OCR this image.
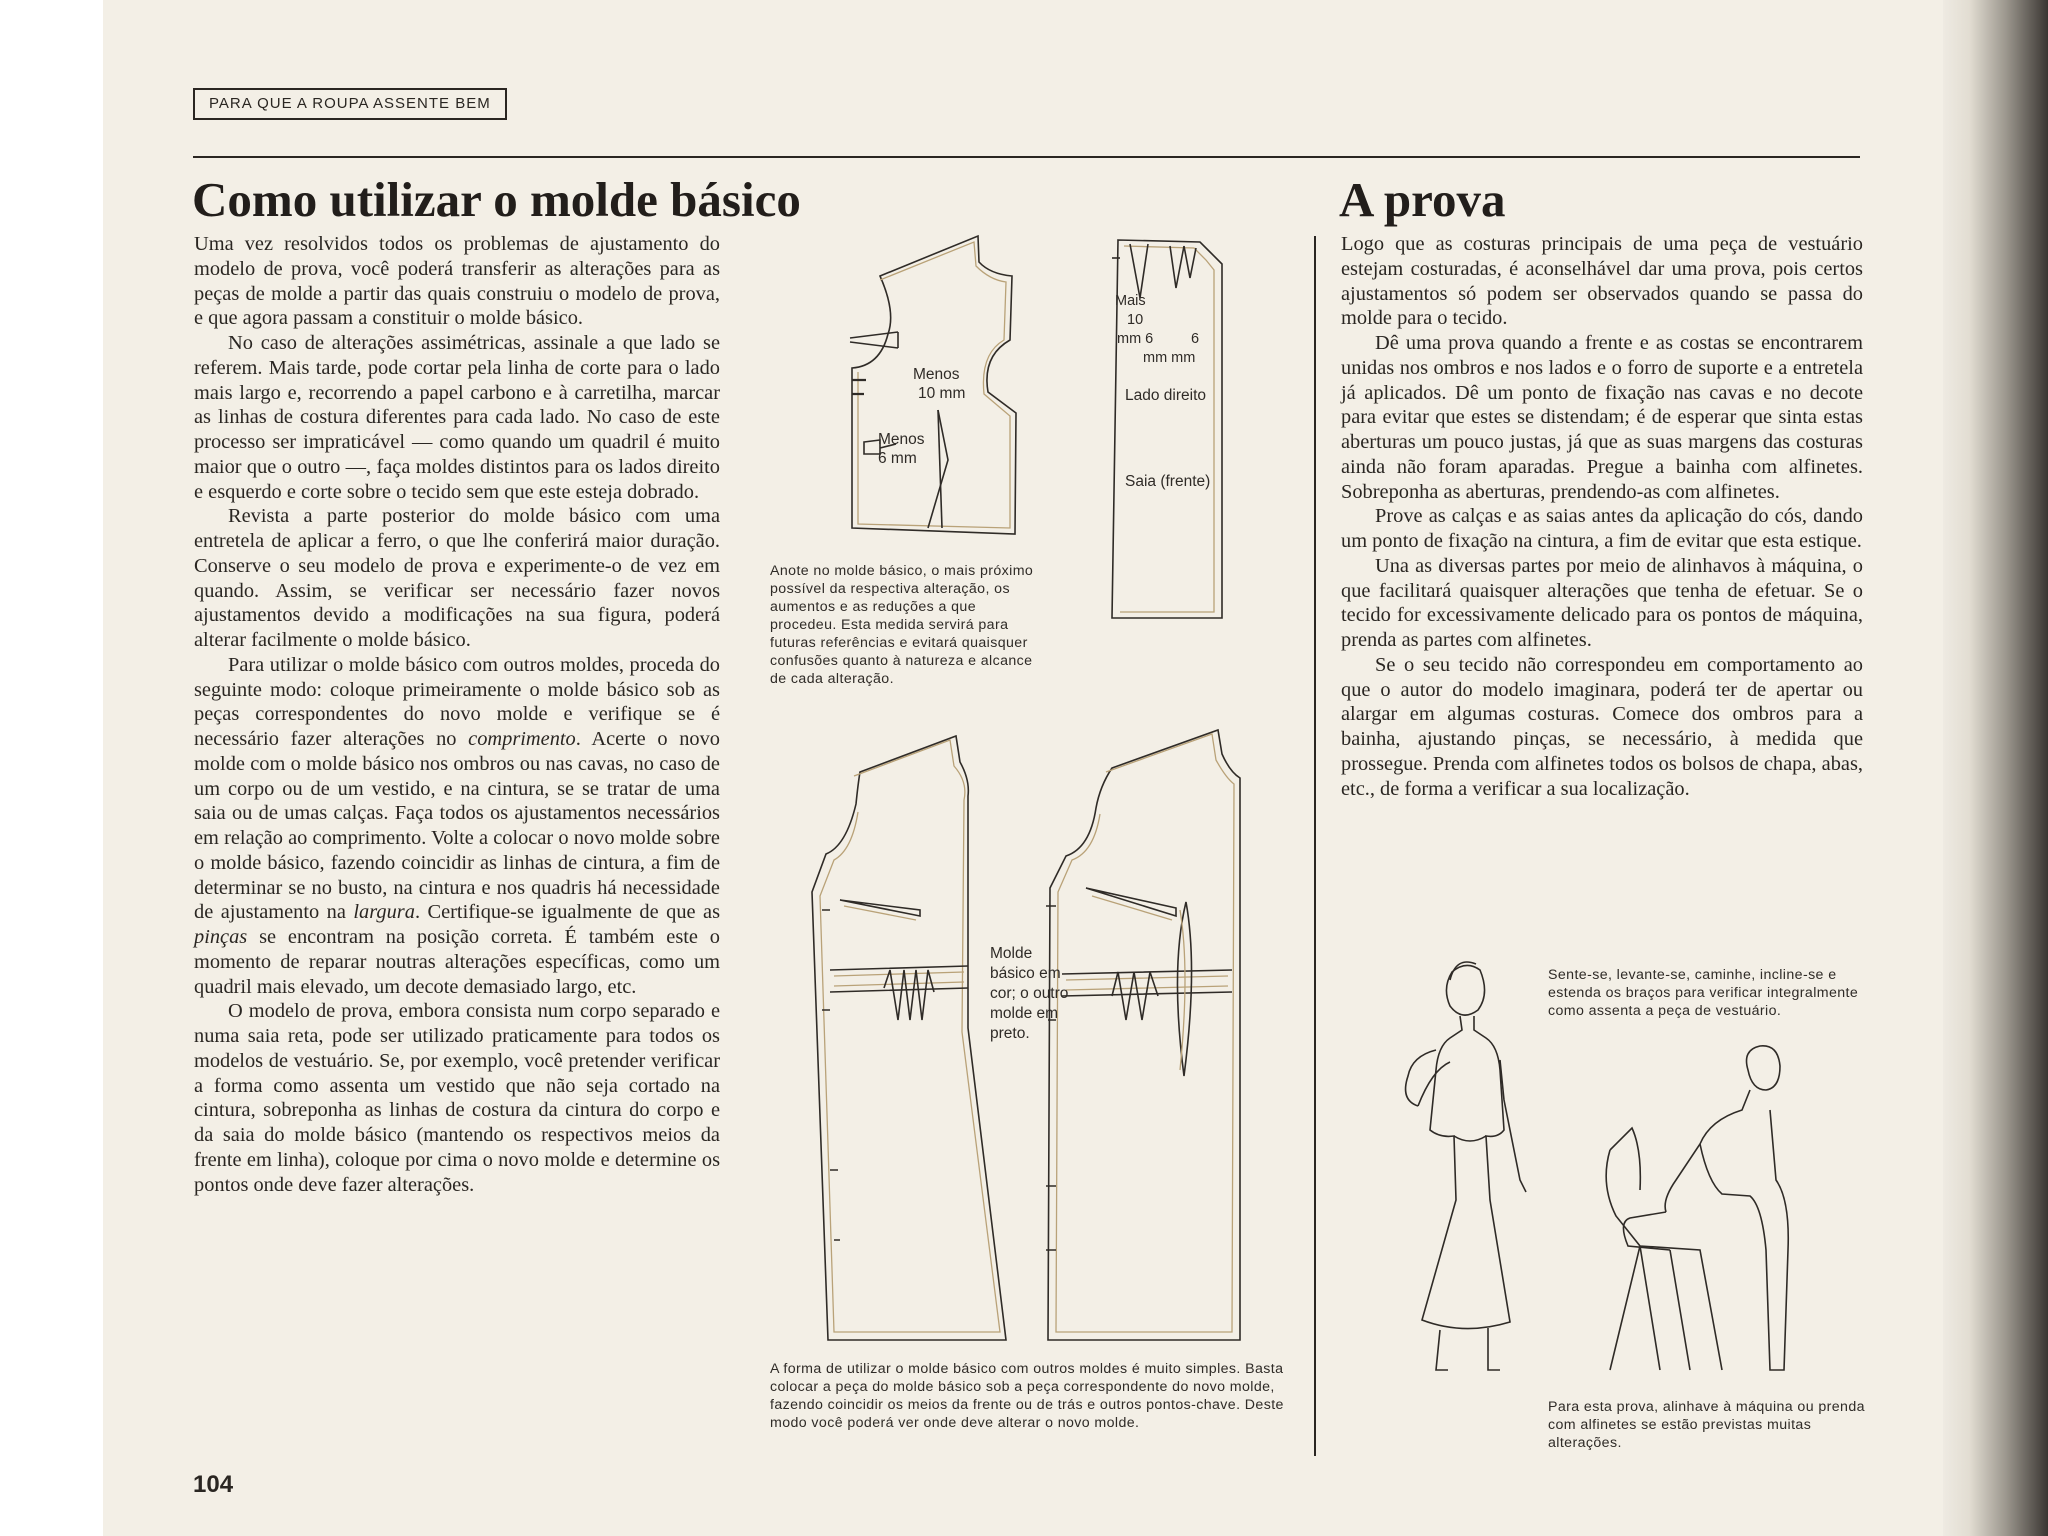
PARA QUE A ROUPA ASSENTE BEM
Como utilizar o molde básico	A prova

Uma vez resolvidos todos os problemas de ajustamento do modelo de prova, você poderá transferir as alterações para as peças de molde a partir das quais construiu o modelo de prova, e que agora passam a constituir o molde básico.

No caso de alterações assimétricas, assinale a que lado se referem. Mais tarde, pode cortar pela linha de corte para o lado mais largo e, recorrendo a papel carbono e à carretilha, marcar as linhas de costura diferentes para cada lado. No caso de este processo ser impraticável — como quando um quadril é muito maior que o outro —, faça moldes distintos para os lados direito e esquerdo e corte sobre o tecido sem que este esteja dobrado.

Revista a parte posterior do molde básico com uma entretela de aplicar a ferro, o que lhe conferirá maior duração. Conserve o seu modelo de prova e experimente-o de vez em quando. Assim, se verificar ser necessário fazer novos ajustamentos devido a modificações na sua figura, poderá alterar facilmente o molde básico.

Para utilizar o molde básico com outros moldes, proceda do seguinte modo: coloque primeiramente o molde básico sob as peças correspondentes do novo molde e verifique se é necessário fazer alterações no comprimento. Acerte o novo molde com o molde básico nos ombros ou nas cavas, no caso de um corpo ou de um vestido, e na cintura, se se tratar de uma saia ou de umas calças. Faça todos os ajustamentos necessários em relação ao comprimento. Volte a colocar o novo molde sobre o molde básico, fazendo coincidir as linhas de cintura, a fim de determinar se no busto, na cintura e nos quadris há necessidade de ajustamento na largura. Certifique-se igualmente de que as pinças se encontram na posição correta. É também este o momento de reparar noutras alterações específicas, como um quadril mais elevado, um decote demasiado largo, etc.

O modelo de prova, embora consista num corpo separado e numa saia reta, pode ser utilizado praticamente para todos os modelos de vestuário. Se, por exemplo, você pretender verificar a forma como assenta um vestido que não seja cortado na cintura, sobreponha as linhas de costura da cintura do corpo e da saia do molde básico (mantendo os respectivos meios da frente em linha), coloque por cima o novo molde e determine os pontos onde deve fazer alterações.

Menos
10 mm
Menos
6 mm
Mais
10
mm 6	6
mm mm
Lado direito
Saia (frente)
Anote no molde básico, o mais próximo possível da respectiva alteração, os aumentos e as reduções a que procedeu. Esta medida servirá para futuras referências e evitará quaisquer confusões quanto à natureza e alcance de cada alteração.
Molde básico em cor; o outro molde em preto.
A forma de utilizar o molde básico com outros moldes é muito simples. Basta colocar a peça do molde básico sob a peça correspondente do novo molde, fazendo coincidir os meios da frente ou de trás e outros pontos-chave. Deste modo você poderá ver onde deve alterar o novo molde.

Logo que as costuras principais de uma peça de vestuário estejam costuradas, é aconselhável dar uma prova, pois certos ajustamentos só podem ser observados quando se passa do molde para o tecido.

Dê uma prova quando a frente e as costas se encontrarem unidas nos ombros e nos lados e o forro de suporte e a entretela já aplicados. Dê um ponto de fixação nas cavas e no decote para evitar que estes se distendam; é de esperar que sinta estas aberturas um pouco justas, já que as suas margens das costuras ainda não foram aparadas. Pregue a bainha com alfinetes. Sobreponha as aberturas, prendendo-as com alfinetes.

Prove as calças e as saias antes da aplicação do cós, dando um ponto de fixação na cintura, a fim de evitar que esta estique.

Una as diversas partes por meio de alinhavos à máquina, o que facilitará quaisquer alterações que tenha de efetuar. Se o tecido for excessivamente delicado para os pontos de máquina, prenda as partes com alfinetes.

Se o seu tecido não correspondeu em comportamento ao que o autor do modelo imaginara, poderá ter de apertar ou alargar em algumas costuras. Comece dos ombros para a bainha, ajustando pinças, se necessário, à medida que prossegue. Prenda com alfinetes todos os bolsos de chapa, abas, etc., de forma a verificar a sua localização.

Sente-se, levante-se, caminhe, incline-se e estenda os braços para verificar integralmente como assenta a peça de vestuário.
Para esta prova, alinhave à máquina ou prenda com alfinetes se estão previstas muitas alterações.
104
